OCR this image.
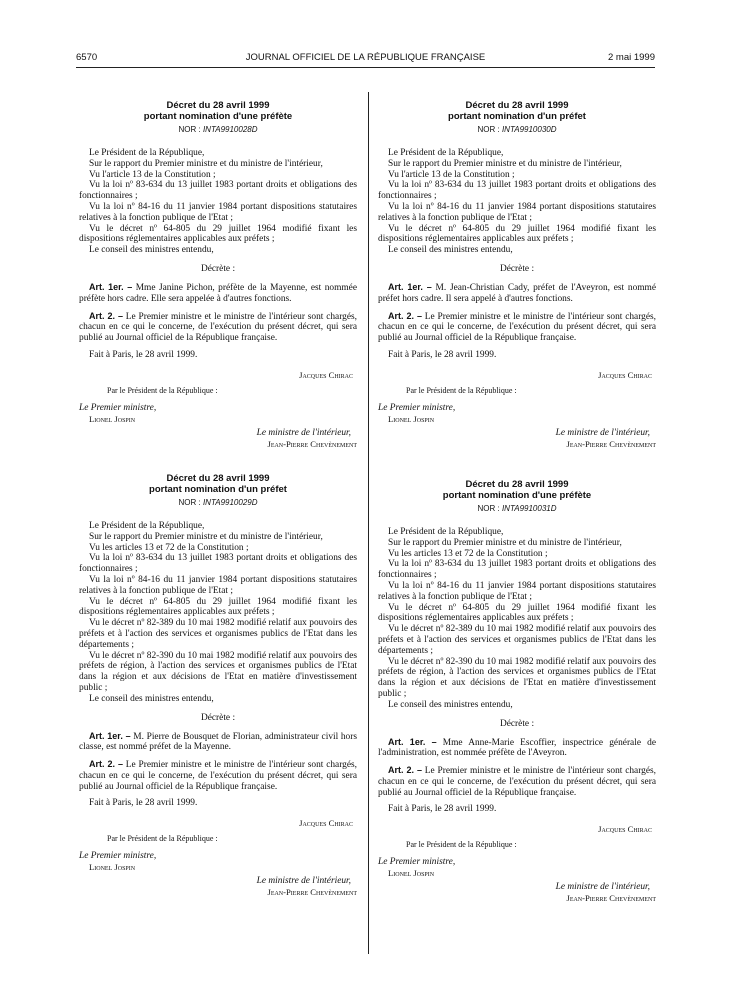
6570	JOURNAL OFFICIEL DE LA RÉPUBLIQUE FRANÇAISE	2 mai 1999
Décret du 28 avril 1999
portant nomination d'une préfète
NOR : INTA9910028D

Le Président de la République,

Sur le rapport du Premier ministre et du ministre de l'intérieur,

Vu l'article 13 de la Constitution ;

Vu la loi nº 83-634 du 13 juillet 1983 portant droits et obligations des fonctionnaires ;

Vu la loi nº 84-16 du 11 janvier 1984 portant dispositions statutaires relatives à la fonction publique de l'Etat ;

Vu le décret nº 64-805 du 29 juillet 1964 modifié fixant les dispositions réglementaires applicables aux préfets ;

Le conseil des ministres entendu,

Décrète :

Art. 1er. – Mme Janine Pichon, préfète de la Mayenne, est nommée préfète hors cadre. Elle sera appelée à d'autres fonctions.

Art. 2. – Le Premier ministre et le ministre de l'intérieur sont chargés, chacun en ce qui le concerne, de l'exécution du présent décret, qui sera publié au Journal officiel de la République française.

Fait à Paris, le 28 avril 1999.
Jacques Chirac
Par le Président de la République :
Le Premier ministre,
Lionel Jospin
Le ministre de l'intérieur,
Jean-Pierre Chevènement
Décret du 28 avril 1999
portant nomination d'un préfet
NOR : INTA9910029D

Le Président de la République,

Sur le rapport du Premier ministre et du ministre de l'intérieur,

Vu les articles 13 et 72 de la Constitution ;

Vu la loi nº 83-634 du 13 juillet 1983 portant droits et obligations des fonctionnaires ;

Vu la loi nº 84-16 du 11 janvier 1984 portant dispositions statutaires relatives à la fonction publique de l'Etat ;

Vu le décret nº 64-805 du 29 juillet 1964 modifié fixant les dispositions réglementaires applicables aux préfets ;

Vu le décret nº 82-389 du 10 mai 1982 modifié relatif aux pouvoirs des préfets et à l'action des services et organismes publics de l'Etat dans les départements ;

Vu le décret nº 82-390 du 10 mai 1982 modifié relatif aux pouvoirs des préfets de région, à l'action des services et organismes publics de l'Etat dans la région et aux décisions de l'Etat en matière d'investissement public ;

Le conseil des ministres entendu,

Décrète :

Art. 1er. – M. Pierre de Bousquet de Florian, administrateur civil hors classe, est nommé préfet de la Mayenne.

Art. 2. – Le Premier ministre et le ministre de l'intérieur sont chargés, chacun en ce qui le concerne, de l'exécution du présent décret, qui sera publié au Journal officiel de la République française.

Fait à Paris, le 28 avril 1999.
Jacques Chirac
Par le Président de la République :
Le Premier ministre,
Lionel Jospin
Le ministre de l'intérieur,
Jean-Pierre Chevènement
Décret du 28 avril 1999
portant nomination d'un préfet
NOR : INTA9910030D

Le Président de la République,

Sur le rapport du Premier ministre et du ministre de l'intérieur,

Vu l'article 13 de la Constitution ;

Vu la loi nº 83-634 du 13 juillet 1983 portant droits et obligations des fonctionnaires ;

Vu la loi nº 84-16 du 11 janvier 1984 portant dispositions statutaires relatives à la fonction publique de l'Etat ;

Vu le décret nº 64-805 du 29 juillet 1964 modifié fixant les dispositions réglementaires applicables aux préfets ;

Le conseil des ministres entendu,

Décrète :

Art. 1er. – M. Jean-Christian Cady, préfet de l'Aveyron, est nommé préfet hors cadre. Il sera appelé à d'autres fonctions.

Art. 2. – Le Premier ministre et le ministre de l'intérieur sont chargés, chacun en ce qui le concerne, de l'exécution du présent décret, qui sera publié au Journal officiel de la République française.

Fait à Paris, le 28 avril 1999.
Jacques Chirac
Par le Président de la République :
Le Premier ministre,
Lionel Jospin
Le ministre de l'intérieur,
Jean-Pierre Chevènement
Décret du 28 avril 1999
portant nomination d'une préfète
NOR : INTA9910031D

Le Président de la République,

Sur le rapport du Premier ministre et du ministre de l'intérieur,

Vu les articles 13 et 72 de la Constitution ;

Vu la loi nº 83-634 du 13 juillet 1983 portant droits et obligations des fonctionnaires ;

Vu la loi nº 84-16 du 11 janvier 1984 portant dispositions statutaires relatives à la fonction publique de l'Etat ;

Vu le décret nº 64-805 du 29 juillet 1964 modifié fixant les dispositions réglementaires applicables aux préfets ;

Vu le décret nº 82-389 du 10 mai 1982 modifié relatif aux pouvoirs des préfets et à l'action des services et organismes publics de l'Etat dans les départements ;

Vu le décret nº 82-390 du 10 mai 1982 modifié relatif aux pouvoirs des préfets de région, à l'action des services et organismes publics de l'Etat dans la région et aux décisions de l'Etat en matière d'investissement public ;

Le conseil des ministres entendu,

Décrète :

Art. 1er. – Mme Anne-Marie Escoffier, inspectrice générale de l'administration, est nommée préfète de l'Aveyron.

Art. 2. – Le Premier ministre et le ministre de l'intérieur sont chargés, chacun en ce qui le concerne, de l'exécution du présent décret, qui sera publié au Journal officiel de la République française.

Fait à Paris, le 28 avril 1999.
Jacques Chirac
Par le Président de la République :
Le Premier ministre,
Lionel Jospin
Le ministre de l'intérieur,
Jean-Pierre Chevènement
